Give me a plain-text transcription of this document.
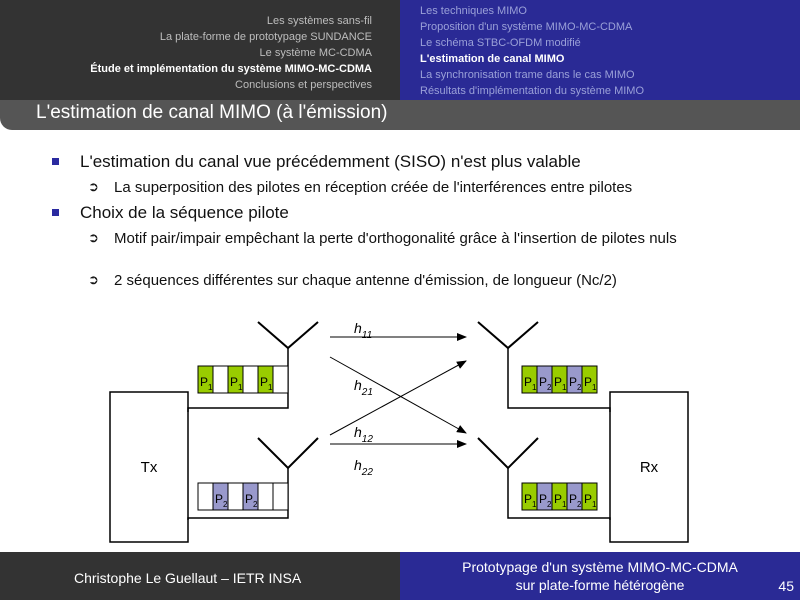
Les systèmes sans-fil
La plate-forme de prototypage SUNDANCE
Le système MC-CDMA
Étude et implémentation du système MIMO-MC-CDMA
Conclusions et perspectives
Les techniques MIMO
Proposition d'un système MIMO-MC-CDMA
Le schéma STBC-OFDM modifié
L'estimation de canal MIMO
La synchronisation trame dans le cas MIMO
Résultats d'implémentation du système MIMO
L'estimation de canal MIMO (à l'émission)
L'estimation du canal vue précédemment (SISO) n'est plus valable
➲ La superposition des pilotes en réception créée de l'interférences entre pilotes
Choix de la séquence pilote
➲ Motif pair/impair empêchant la perte d'orthogonalité grâce à l'insertion de pilotes nuls
➲ 2 séquences différentes sur chaque antenne d'émission, de longueur (Nc/2)
Tx	Rx
$h_{11}$
$h_{21}$
$h_{12}$
$h_{22}$
$P_1$ $P_1$ $P_1$
$P_2$ $P_2$
$P_1$ $P_2$ $P_1$ $P_2$ $P_1$
$P_1$ $P_2$ $P_1$ $P_2$ $P_1$
Christophe Le Guellaut – IETR INSA
Prototypage d'un système MIMO-MC-CDMA
sur plate-forme hétérogène	45
